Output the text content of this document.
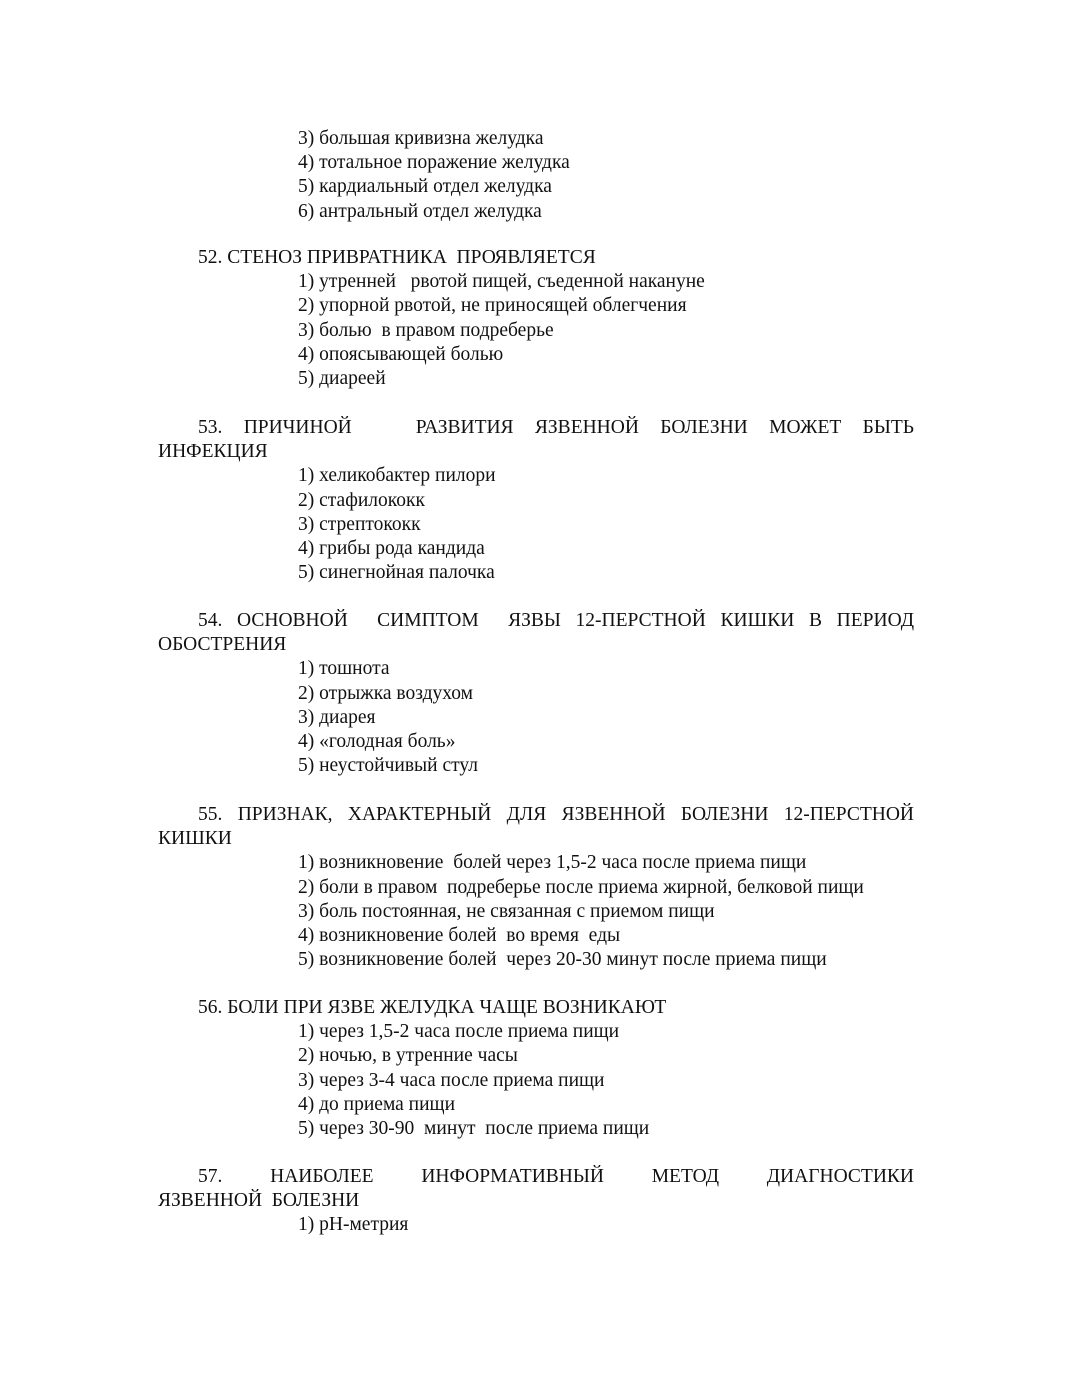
3) большая кривизна желудка
4) тотальное поражение желудка
5) кардиальный отдел желудка
6) антральный отдел желудка
52. СТЕНОЗ ПРИВРАТНИКА  ПРОЯВЛЯЕТСЯ
1) утренней   рвотой пищей, съеденной накануне
2) упорной рвотой, не приносящей облегчения
3) болью  в правом подреберье
4) опоясывающей болью
5) диареей
53. ПРИЧИНОЙ   РАЗВИТИЯ ЯЗВЕННОЙ БОЛЕЗНИ МОЖЕТ БЫТЬ
ИНФЕКЦИЯ
1) хеликобактер пилори
2) стафилококк
3) стрептококк
4) грибы рода кандида
5) синегнойная палочка
54. ОСНОВНОЙ  СИМПТОМ  ЯЗВЫ 12-ПЕРСТНОЙ КИШКИ В ПЕРИОД
ОБОСТРЕНИЯ
1) тошнота
2) отрыжка воздухом
3) диарея
4) «голодная боль»
5) неустойчивый стул
55. ПРИЗНАК, ХАРАКТЕРНЫЙ ДЛЯ ЯЗВЕННОЙ БОЛЕЗНИ 12-ПЕРСТНОЙ
КИШКИ
1) возникновение  болей через 1,5-2 часа после приема пищи
2) боли в правом  подреберье после приема жирной, белковой пищи
3) боль постоянная, не связанная с приемом пищи
4) возникновение болей  во время  еды
5) возникновение болей  через 20-30 минут после приема пищи
56. БОЛИ ПРИ ЯЗВЕ ЖЕЛУДКА ЧАЩЕ ВОЗНИКАЮТ
1) через 1,5-2 часа после приема пищи
2) ночью, в утренние часы
3) через 3-4 часа после приема пищи
4) до приема пищи
5) через 30-90  минут  после приема пищи
57.  НАИБОЛЕЕ  ИНФОРМАТИВНЫЙ  МЕТОД  ДИАГНОСТИКИ
ЯЗВЕННОЙ  БОЛЕЗНИ
1) рН-метрия
